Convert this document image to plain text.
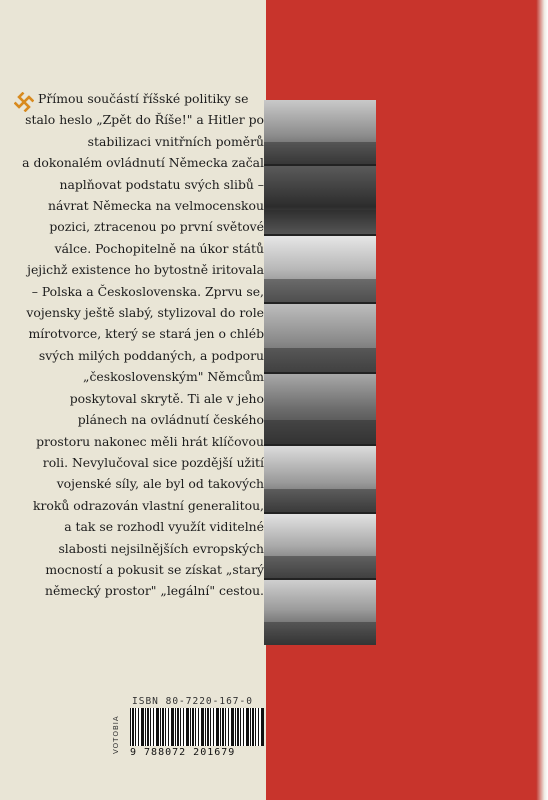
Přímou součástí říšské politiky se
stalo heslo „Zpět do Říše!" a Hitler po
stabilizaci vnitřních poměrů
a dokonalém ovládnutí Německa začal
naplňovat podstatu svých slibů –
návrat Německa na velmocenskou
pozici, ztracenou po první světové
válce. Pochopitelně na úkor států
jejichž existence ho bytostně iritovala
– Polska a Československa. Zprvu se,
vojensky ještě slabý, stylizoval do role
mírotvorce, který se stará jen o chléb
svých milých poddaných, a podporu
„československým" Němcům
poskytoval skrytě. Ti ale v jeho
plánech na ovládnutí českého
prostoru nakonec měli hrát klíčovou
roli. Nevylučoval sice pozdější užití
vojenské síly, ale byl od takových
kroků odrazován vlastní generalitou,
a tak se rozhodl využít viditelné
slabosti nejsilnějších evropských
mocností a pokusit se získat „starý
německý prostor" „legální" cestou.

ISBN 80-7220-167-0
VOTOBIA	9 788072 201679
